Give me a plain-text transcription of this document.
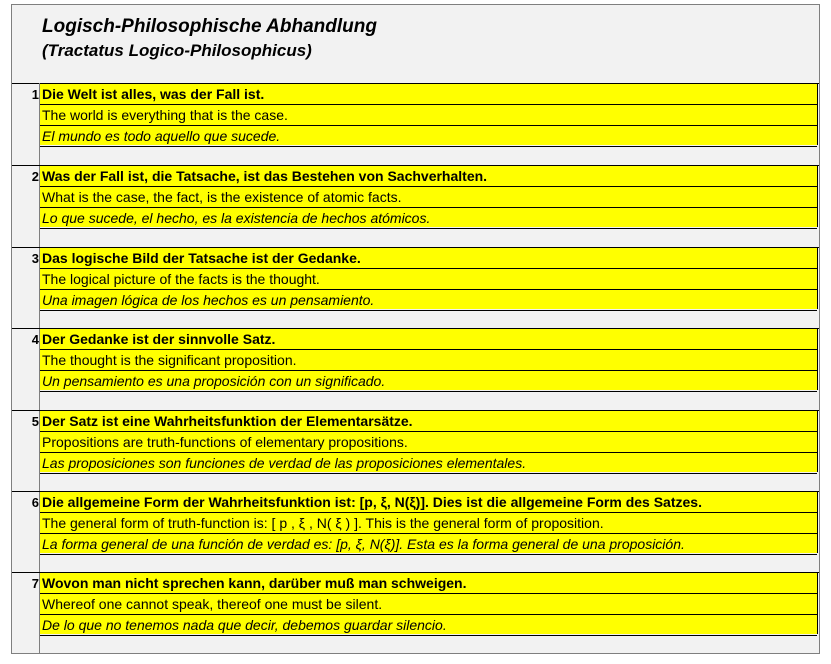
Logisch-Philosophische Abhandlung
(Tractatus Logico-Philosophicus)
1 Die Welt ist alles, was der Fall ist.
The world is everything that is the case.
El mundo es todo aquello que sucede.
2 Was der Fall ist, die Tatsache, ist das Bestehen von Sachverhalten.
What is the case, the fact, is the existence of atomic facts.
Lo que sucede, el hecho, es la existencia de hechos atómicos.
3 Das logische Bild der Tatsache ist der Gedanke.
The logical picture of the facts is the thought.
Una imagen lógica de los hechos es un pensamiento.
4 Der Gedanke ist der sinnvolle Satz.
The thought is the significant proposition.
Un pensamiento es una proposición con un significado.
5 Der Satz ist eine Wahrheitsfunktion der Elementarsätze.
Propositions are truth-functions of elementary propositions.
Las proposiciones son funciones de verdad de las proposiciones elementales.
6 Die allgemeine Form der Wahrheitsfunktion ist: [p, ξ, N(ξ)]. Dies ist die allgemeine Form des Satzes.
The general form of truth-function is: [ p , ξ , N( ξ ) ]. This is the general form of proposition.
La forma general de una función de verdad es: [p, ξ, N(ξ)]. Esta es la forma general de una proposición.
7 Wovon man nicht sprechen kann, darüber muß man schweigen.
Whereof one cannot speak, thereof one must be silent.
De lo que no tenemos nada que decir, debemos guardar silencio.
